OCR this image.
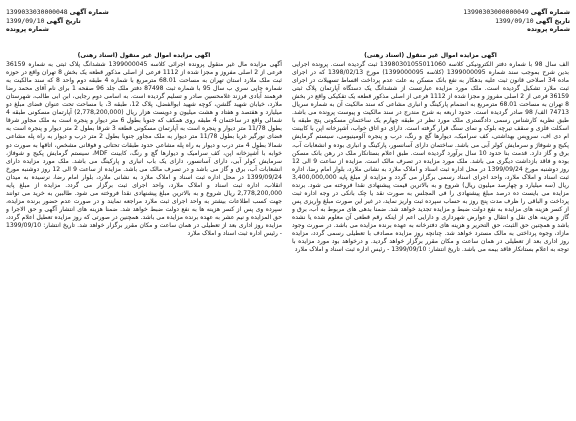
شماره آگهی 13990303000000049
تاریخ آگهی 1399/09/10
شماره پرونده
1399033030000048 شماره آگهی
1399/09/10 تاریخ آگهی
شماره پرونده
آگهی مزایده اموال غیر منقول (اسناد رهنی)

الف سال 98 با شماره دفتر الکترونیکی کلاسه 13980301055011060 ثبت گردیده است. پرونده اجرایی بدین شرح بموجب سند شماره 1399000095 (کلاسه 1399000095) مورخ 1398/02/13 که در اجرای ماده 34 اصلاحی قانون ثبت علیه بدهکار به نفع بانک مسکن به علت عدم پرداخت اقساط تسهیلات در اجرای ثبت ملارد تشکیل گردیده است. ملک مورد مزایده عبارتست از ششدانگ یک دستگاه آپارتمان پلاک ثبتی 36159 فرعی از 2 اصلی مفروز و مجزا شده از 1112 فرعی از اصلی مذکور قطعه یک تفکیکی واقع در بخش 8 تهران به مساحت 68.01 مترمربع به انضمام پارکینگ و انباری مشاعی که سند مالکیت آن به شماره سریال 74713 الف/ 98 صادر گردیده است. حدود اربعه به شرح مندرج در سند مالکیت و پیوست پرونده می باشد. طبق نظریه کارشناس رسمی دادگستری ملک مورد نظر در طبقه چهارم یک ساختمان مسکونی پنج طبقه با اسکلت فلزی و سقف تیرچه بلوک و نمای سنگ قرار گرفته است. دارای دو اتاق خواب، آشپزخانه اپن با کابینت ام دی اف، سرویس بهداشتی، کف سرامیک، دیوارها گچ و رنگ، درب و پنجره آلومینیومی، سیستم گرمایش پکیج و شوفاژ و سرمایش کولر آبی می باشد. ساختمان دارای آسانسور، پارکینگ و انباری بوده و انشعابات آب، برق و گاز دارد. قدمت بنا حدود 10 سال برآورد گردیده است. طبق اعلام بستانکار ملک در رهن بانک مسکن بوده و فاقد بازداشت دیگری می باشد. ملک مورد مزایده در تصرف مالک است. مزایده از ساعت 9 الی 12 روز دوشنبه مورخ 1399/09/24 در محل اداره ثبت اسناد و املاک ملارد به نشانی ملارد، بلوار امام رضا، اداره ثبت اسناد و املاک ملارد، واحد اجرای اسناد رسمی برگزار می گردد و مزایده از مبلغ پایه 3,400,000,000 ریال (سه میلیارد و چهارصد میلیون ریال) شروع و به بالاترین قیمت پیشنهادی نقدا فروخته می شود. برنده مزایده می بایست ده درصد مبلغ پیشنهادی را فی المجلس به صورت نقد یا چک بانکی در وجه اداره ثبت پرداخت و الباقی را ظرف مدت پنج روز به حساب سپرده ثبت واریز نماید، در غیر این صورت مبلغ واریزی پس از کسر هزینه های مزایده به نفع دولت ضبط و مزایده تجدید خواهد شد. ضمنا بدهی های مربوط به آب، برق و گاز و هزینه های نقل و انتقال و عوارض شهرداری و دارایی اعم از اینکه رقم قطعی آن معلوم شده یا نشده باشد و همچنین حق الثبت، حق التحریر و هزینه های دفترخانه به عهده برنده مزایده می باشد. در صورت وجود مازاد، وجوه پرداختی به مالک مسترد خواهد شد. چنانچه روز مزایده مصادف با تعطیلی رسمی گردد، مزایده روز اداری بعد از تعطیلی در همان ساعت و مکان مقرر برگزار خواهد گردید. و درخواهد بود مورد مزایده با توجه به اعلام بستانکار فاقد بیمه می باشد. تاریخ انتشار: 1399/09/10 - رئیس اداره ثبت اسناد و املاک ملارد

آگهی مزایده اموال غیر منقول (اسناد رهنی)

آگهی مزایده مال غیر منقول پرونده اجرائی کلاسه 1399000045 ششدانگ پلاک ثبتی به شماره 36159 فرعی از 2 اصلی مفروز و مجزا شده از 1112 فرعی از اصلی مذکور قطعه یک بخش 8 تهران واقع در حوزه ثبت ملک ملارد استان تهران به مساحت 68.01 مترمربع با شماره 4 طبقه دوم واحد 8 که سند مالکیت به شماره چاپی سري ب سال 95 با شماره ثبت 87498 دفتر ملک جلد 96 صفحه 1 برای نام آقای محمد رضا فرهمند آبادی فرزند غلامحسین صادر و تسلیم گردیده است. به اسامی دوم رجایی، ابن ابی طالب، شهرستان ملارد، خیابان شهید گلشن، کوچه شهید ابوالفضل، پلاک 12، طبقه 3، با مساحت تحت عنوان فضای مبلغ دو میلیارد و هفتصد و هفتاد و هشت میلیون و دویست هزار ریال (2,778,200,000) آپارتمان مسکونی طبقه 4 شمالی واقع در ساختمان 4 طبقه روی همکف که جنوبا بطول 6 متر دیوار و پنجره است به ملک مجاور شرقا بطول 11/78 متر دیوار و پنجره است به آپارتمان مسکونی قطعه 3 شرقا بطول 2 متر دیوار و پنجره است به فضای نورگیر غربا بطول 11/78 متر دیوار به ملک مجاور جنوبا بطول 2 متر درب و دیوار به راه پله مشاعی شمالا بطول 4 متر درب و دیوار به راه پله مشاعی حدود طبقات تحتانی و فوقانی مشخص، اتاقها به صورت دو خوابه با آشپزخانه اپن، کف سرامیک و دیوارها گچ و رنگ، کابینت MDF، سیستم گرمایش پکیج و شوفاژ، سرمایش کولر آبی، دارای آسانسور، دارای یک باب انباری و پارکینگ می باشد. ملک مورد مزایده دارای انشعابات آب، برق و گاز می باشد و در تصرف مالک می باشد. مزایده از ساعت 9 الی 12 روز دوشنبه مورخ 1399/09/24 در محل اداره ثبت اسناد و املاک ملارد به نشانی ملارد، بلوار امام رضا، نرسیده به میدان انقلاب، اداره ثبت اسناد و املاک ملارد، واحد اجرای ثبت برگزار می گردد. مزایده از مبلغ پایه 2,778,200,000 ریال شروع و به بالاترین مبلغ پیشنهادی نقدا فروخته می شود. طالبین به خرید می توانند جهت کسب اطلاعات بیشتر به واحد اجرای ثبت ملارد مراجعه نمایند و در صورت عدم حضور برنده مزایده، سپرده وی پس از کسر هزینه ها به نفع دولت ضبط خواهد شد. ضمنا هزینه های انتشار آگهی و حق الاجرا و حق المزایده و نیم عشر به عهده برنده مزایده می باشد. همچنین در صورتی که روز مزایده تعطیل اعلام گردد، مزایده روز اداری بعد از تعطیلی در همان ساعت و مکان مقرر برگزار خواهد شد. تاریخ انتشار: 1399/09/10 - رئیس اداره ثبت اسناد و املاک ملارد
